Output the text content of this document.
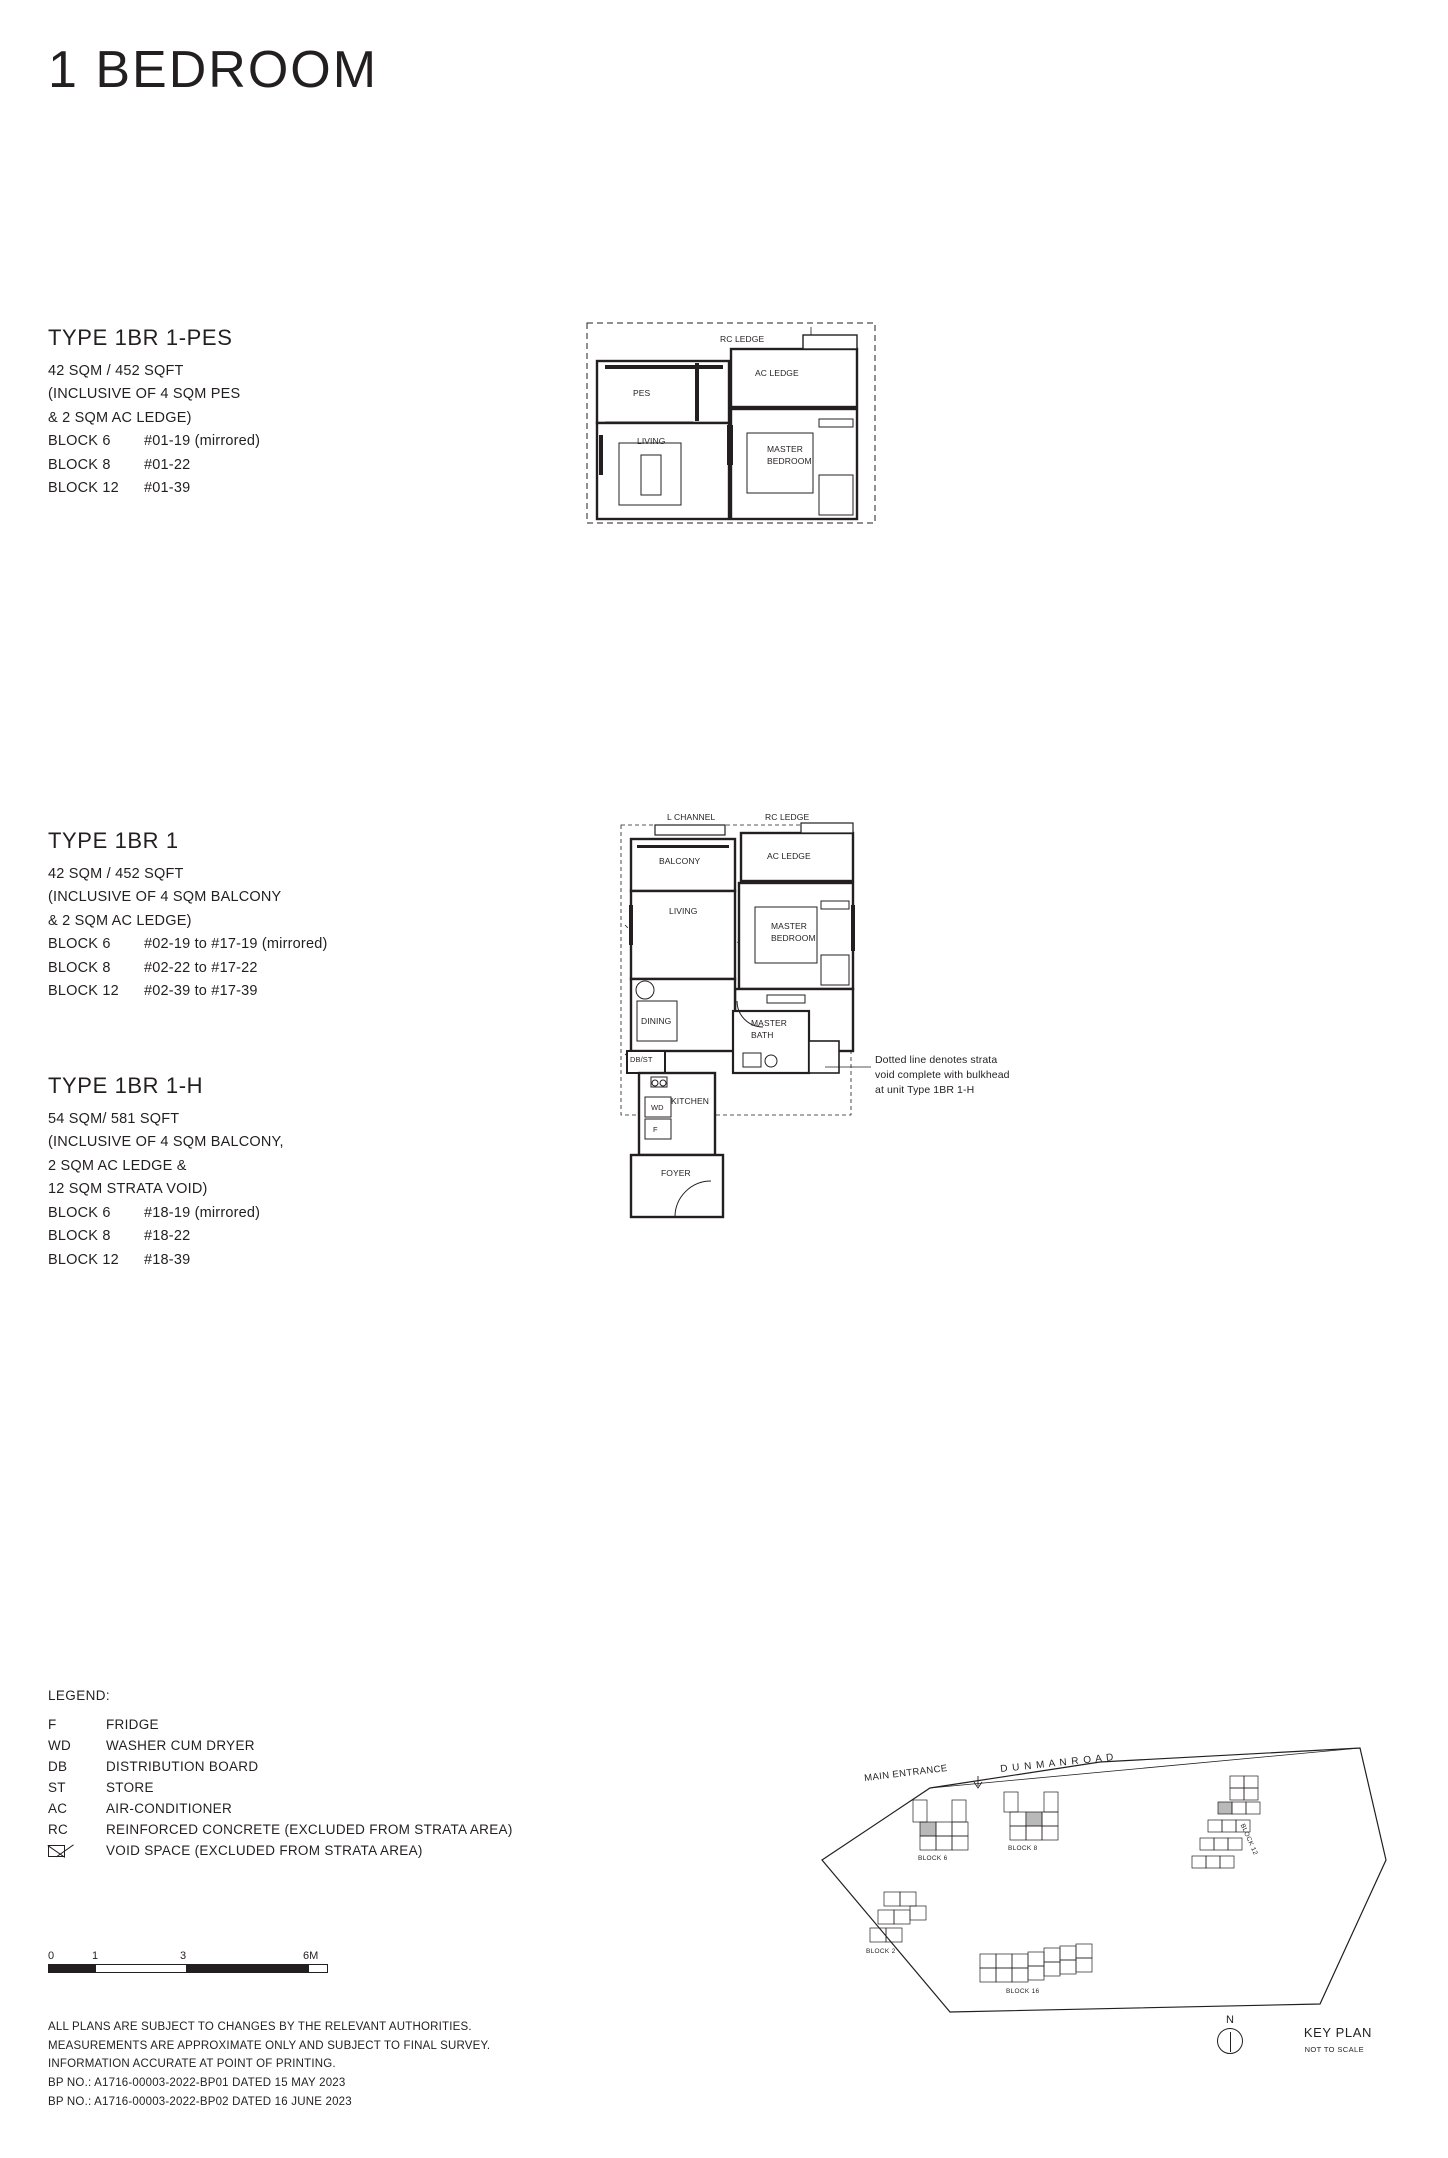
1 BEDROOM
TYPE 1BR 1-PES
42 SQM / 452 SQFT
(INCLUSIVE OF 4 SQM PES
& 2 SQM AC LEDGE)
BLOCK 6 #01-19 (mirrored)
BLOCK 8 #01-22
BLOCK 12 #01-39
TYPE 1BR 1
42 SQM / 452 SQFT
(INCLUSIVE OF 4 SQM BALCONY
& 2 SQM AC LEDGE)
BLOCK 6 #02-19 to #17-19 (mirrored)
BLOCK 8 #02-22 to #17-22
BLOCK 12 #02-39 to #17-39
TYPE 1BR 1-H
54 SQM/ 581 SQFT
(INCLUSIVE OF 4 SQM BALCONY,
2 SQM AC LEDGE &
12 SQM STRATA VOID)
BLOCK 6 #18-19 (mirrored)
BLOCK 8 #18-22
BLOCK 12 #18-39
RC LEDGE
AC LEDGE
PES
LIVING
MASTER
BEDROOM
L CHANNEL	RC LEDGE
AC LEDGE
BALCONY
LIVING
MASTER
BEDROOM
DINING	MASTER
BATH
DB/ST
KITCHEN
WD
F
FOYER
Dotted line denotes strata
void complete with bulkhead
at unit Type 1BR 1-H
LEGEND:
F	FRIDGE
WD	WASHER CUM DRYER
DB	DISTRIBUTION BOARD
ST	STORE
AC	AIR-CONDITIONER
RC	REINFORCED CONCRETE (EXCLUDED FROM STRATA AREA)
VOID SPACE (EXCLUDED FROM STRATA AREA)
0	1	3	6M
ALL PLANS ARE SUBJECT TO CHANGES BY THE RELEVANT AUTHORITIES.
MEASUREMENTS ARE APPROXIMATE ONLY AND SUBJECT TO FINAL SURVEY.
INFORMATION ACCURATE AT POINT OF PRINTING.
BP NO.: A1716-00003-2022-BP01 DATED 15 MAY 2023
BP NO.: A1716-00003-2022-BP02 DATED 16 JUNE 2023
MAIN ENTRANCE	D U N M A N R O A D
BLOCK 6
BLOCK 8	BLOCK 12
BLOCK 2
BLOCK 16
N
KEY PLAN
NOT TO SCALE
